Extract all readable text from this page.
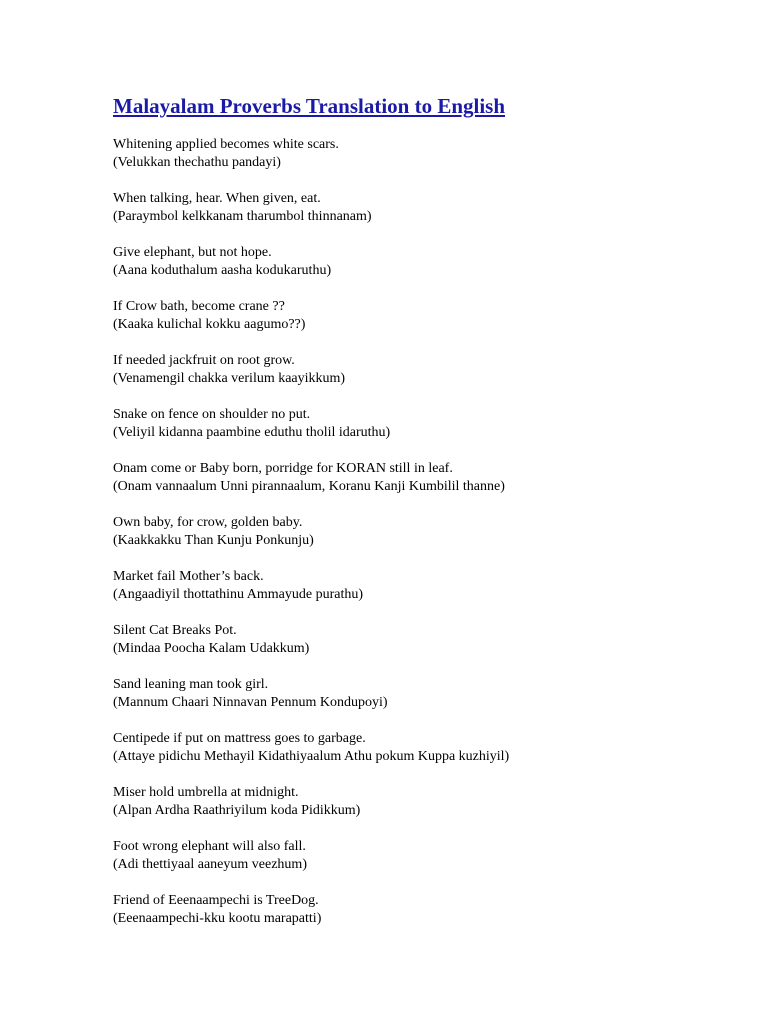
Malayalam Proverbs Translation to English
Whitening applied becomes white scars.
(Velukkan thechathu pandayi)
When talking, hear. When given, eat.
(Paraymbol kelkkanam tharumbol thinnanam)
Give elephant, but not hope.
(Aana koduthalum aasha kodukaruthu)
If Crow bath, become crane ??
(Kaaka kulichal kokku aagumo??)
If needed jackfruit on root grow.
(Venamengil chakka verilum kaayikkum)
Snake on fence on shoulder no put.
(Veliyil kidanna paambine eduthu tholil idaruthu)
Onam come or Baby born, porridge for KORAN still in leaf.
(Onam vannaalum Unni pirannaalum, Koranu Kanji Kumbilil thanne)
Own baby, for crow, golden baby.
(Kaakkakku Than Kunju Ponkunju)
Market fail Mother’s back.
(Angaadiyil thottathinu Ammayude purathu)
Silent Cat Breaks Pot.
(Mindaa Poocha Kalam Udakkum)
Sand leaning man took girl.
(Mannum Chaari Ninnavan Pennum Kondupoyi)
Centipede if put on mattress goes to garbage.
(Attaye pidichu Methayil Kidathiyaalum Athu pokum Kuppa kuzhiyil)
Miser hold umbrella at midnight.
(Alpan Ardha Raathriyilum koda Pidikkum)
Foot wrong elephant will also fall.
(Adi thettiyaal aaneyum veezhum)
Friend of Eeenaampechi is TreeDog.
(Eeenaampechi-kku kootu marapatti)
